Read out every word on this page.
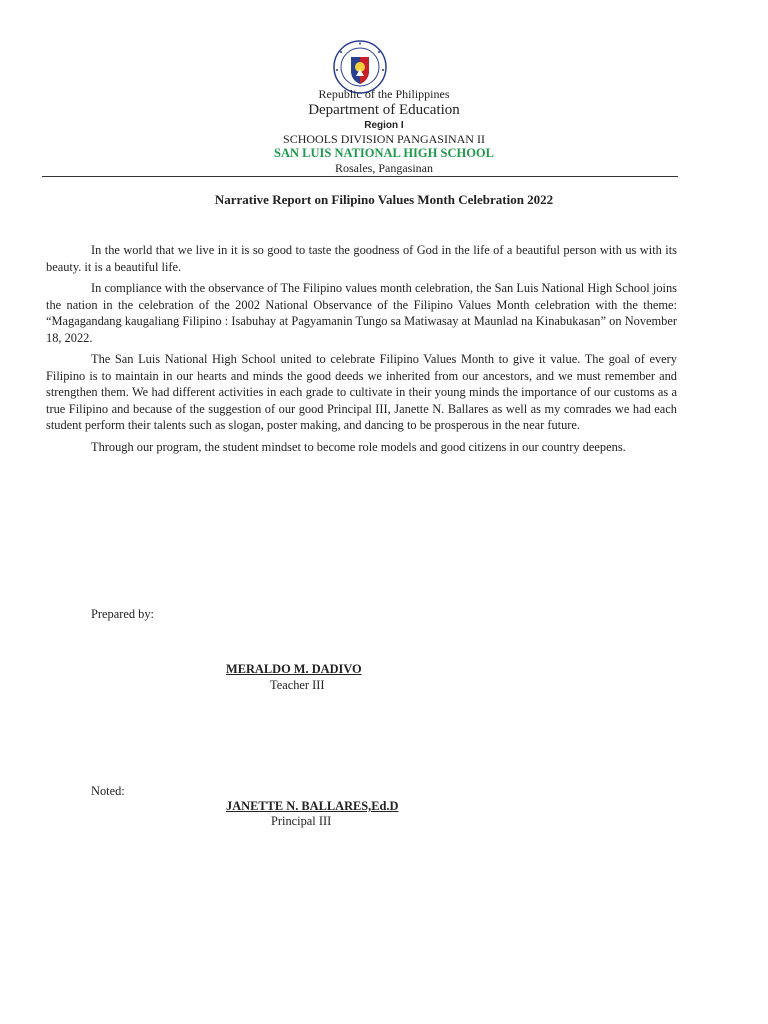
Republic of the Philippines
Department of Education
Region I
SCHOOLS DIVISION PANGASINAN II
SAN LUIS NATIONAL HIGH SCHOOL
Rosales, Pangasinan
Narrative Report on Filipino Values Month Celebration 2022

In the world that we live in it is so good to taste the goodness of God in the life of a beautiful person with us with its beauty. it is a beautiful life.

In compliance with the observance of The Filipino values month celebration, the San Luis National High School joins the nation in the celebration of the 2002 National Observance of the Filipino Values Month celebration with the theme: “Magagandang kaugaliang Filipino : Isabuhay at Pagyamanin Tungo sa Matiwasay at Maunlad na Kinabukasan” on November 18, 2022.

The San Luis National High School united to celebrate Filipino Values Month to give it value. The goal of every Filipino is to maintain in our hearts and minds the good deeds we inherited from our ancestors, and we must remember and strengthen them. We had different activities in each grade to cultivate in their young minds the importance of our customs as a true Filipino and because of the suggestion of our good Principal III, Janette N. Ballares as well as my comrades we had each student perform their talents such as slogan, poster making, and dancing to be prosperous in the near future.

Through our program, the student mindset to become role models and good citizens in our country deepens.

Prepared by:
MERALDO M. DADIVO
Teacher III
Noted:
JANETTE N. BALLARES,Ed.D
Principal III
